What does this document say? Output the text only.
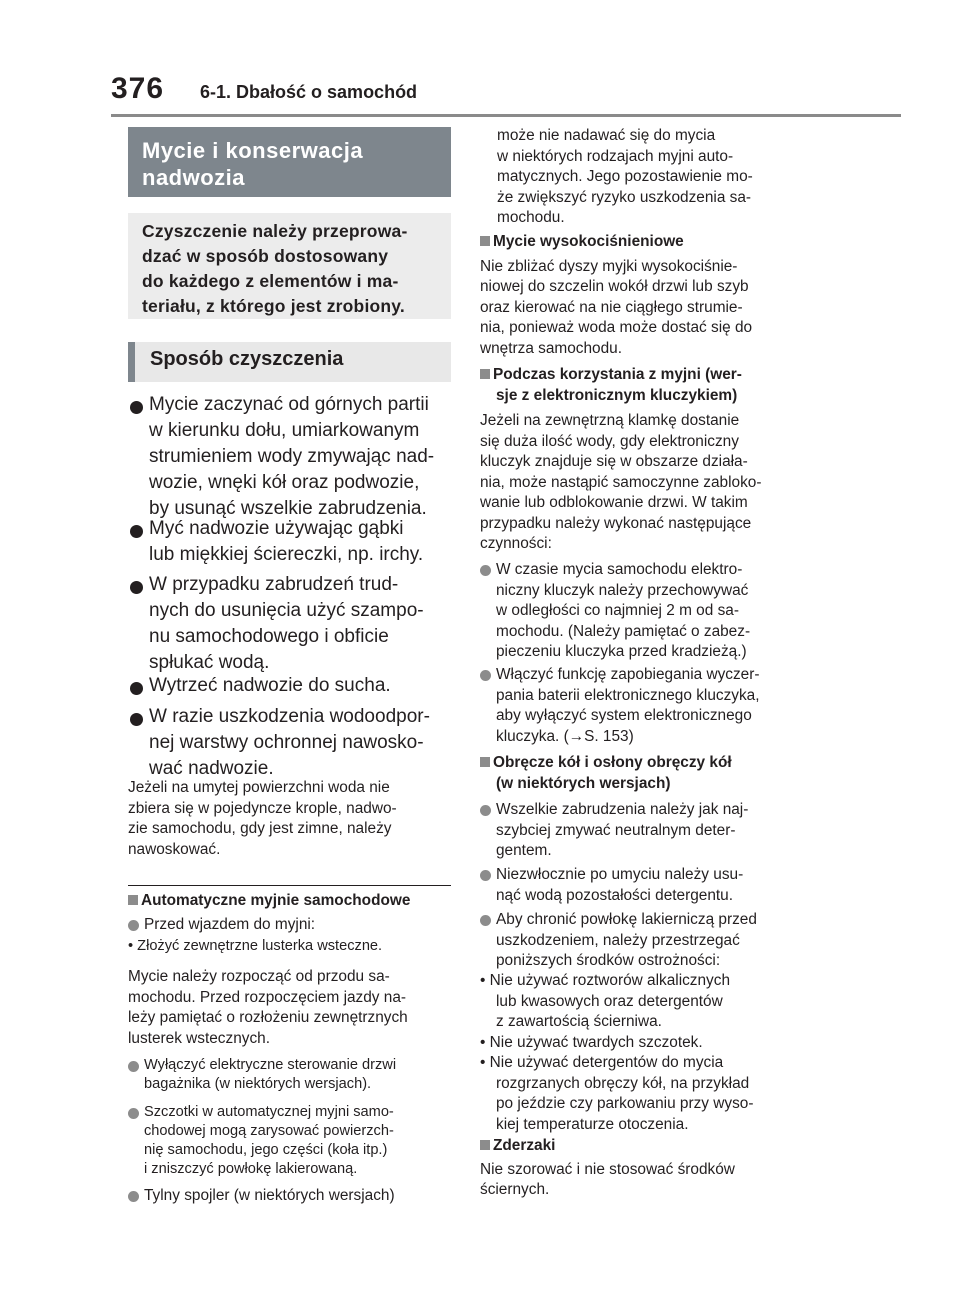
376 6-1. Dbałość o samochód
Mycie i konserwacja
nadwozia
Czyszczenie należy przeprowa-
dzać w sposób dostosowany
do każdego z elementów i ma-
teriału, z którego jest zrobiony.
Sposób czyszczenia
Mycie zaczynać od górnych partii
w kierunku dołu, umiarkowanym
strumieniem wody zmywając nad-
wozie, wnęki kół oraz podwozie,
by usunąć wszelkie zabrudzenia.
Myć nadwozie używając gąbki
lub miękkiej ściereczki, np. irchy.
W przypadku zabrudzeń trud-
nych do usunięcia użyć szampo-
nu samochodowego i obficie
spłukać wodą.
Wytrzeć nadwozie do sucha.
W razie uszkodzenia wodoodpor-
nej warstwy ochronnej nawosko-
wać nadwozie.
Jeżeli na umytej powierzchni woda nie
zbiera się w pojedyncze krople, nadwo-
zie samochodu, gdy jest zimne, należy
nawoskować.
Automatyczne myjnie samochodowe
Przed wjazdem do myjni:
• Złożyć zewnętrzne lusterka wsteczne.
Mycie należy rozpocząć od przodu sa-
mochodu. Przed rozpoczęciem jazdy na-
leży pamiętać o rozłożeniu zewnętrznych
lusterek wstecznych.
Wyłączyć elektryczne sterowanie drzwi
bagażnika (w niektórych wersjach).
Szczotki w automatycznej myjni samo-
chodowej mogą zarysować powierzch-
nię samochodu, jego części (koła itp.)
i zniszczyć powłokę lakierowaną.
Tylny spojler (w niektórych wersjach)
może nie nadawać się do mycia
w niektórych rodzajach myjni auto-
matycznych. Jego pozostawienie mo-
że zwiększyć ryzyko uszkodzenia sa-
mochodu.
Mycie wysokociśnieniowe
Nie zbliżać dyszy myjki wysokociśnie-
niowej do szczelin wokół drzwi lub szyb
oraz kierować na nie ciągłego strumie-
nia, ponieważ woda może dostać się do
wnętrza samochodu.
Podczas korzystania z myjni (wer-
sje z elektronicznym kluczykiem)
Jeżeli na zewnętrzną klamkę dostanie
się duża ilość wody, gdy elektroniczny
kluczyk znajduje się w obszarze działa-
nia, może nastąpić samoczynne zabloko-
wanie lub odblokowanie drzwi. W takim
przypadku należy wykonać następujące
czynności:
W czasie mycia samochodu elektro-
niczny kluczyk należy przechowywać
w odległości co najmniej 2 m od sa-
mochodu. (Należy pamiętać o zabez-
pieczeniu kluczyka przed kradzieżą.)
Włączyć funkcję zapobiegania wyczer-
pania baterii elektronicznego kluczyka,
aby wyłączyć system elektronicznego
kluczyka. (→S. 153)
Obręcze kół i osłony obręczy kół
(w niektórych wersjach)
Wszelkie zabrudzenia należy jak naj-
szybciej zmywać neutralnym deter-
gentem.
Niezwłocznie po umyciu należy usu-
nąć wodą pozostałości detergentu.
Aby chronić powłokę lakierniczą przed
uszkodzeniem, należy przestrzegać
poniższych środków ostrożności:
• Nie używać roztworów alkalicznych
lub kwasowych oraz detergentów
z zawartością ścierniwa.
• Nie używać twardych szczotek.
• Nie używać detergentów do mycia
rozgrzanych obręczy kół, na przykład
po jeździe czy parkowaniu przy wyso-
kiej temperaturze otoczenia.
Zderzaki
Nie szorować i nie stosować środków
ściernych.
